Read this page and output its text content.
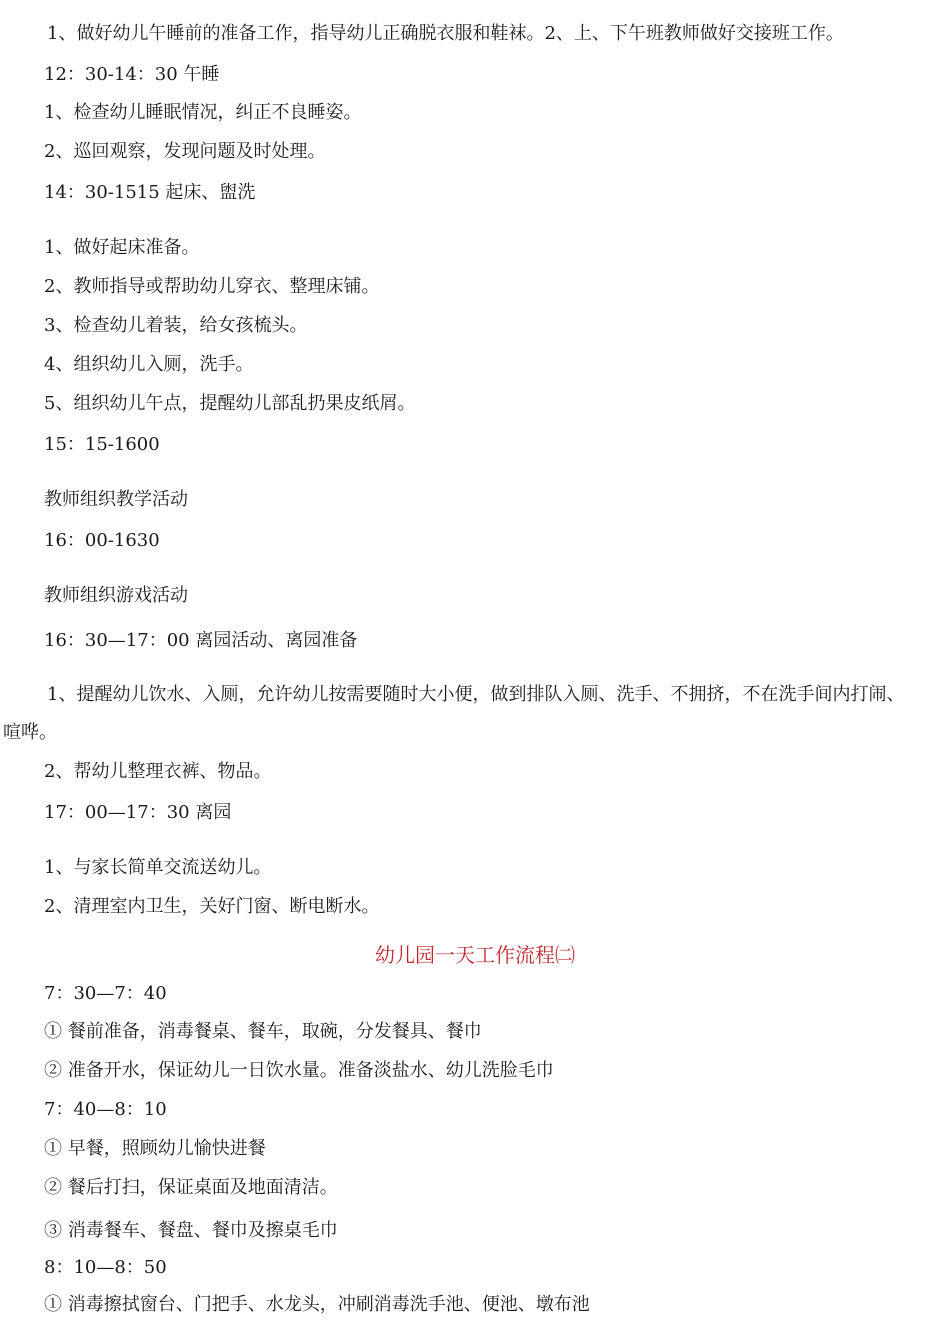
1、做好幼儿午睡前的准备工作，指导幼儿正确脱衣服和鞋袜。2、上、下午班教师做好交接班工作。
12：30-14：30 午睡
1、检查幼儿睡眠情况，纠正不良睡姿。
2、巡回观察，发现问题及时处理。
14：30-1515 起床、盥洗
1、做好起床准备。
2、教师指导或帮助幼儿穿衣、整理床铺。
3、检查幼儿着装，给女孩梳头。
4、组织幼儿入厕，洗手。
5、组织幼儿午点，提醒幼儿部乱扔果皮纸屑。
15：15-1600
教师组织教学活动
16：00-1630
教师组织游戏活动
16：30—17：00 离园活动、离园准备
1、提醒幼儿饮水、入厕，允许幼儿按需要随时大小便，做到排队入厕、洗手、不拥挤，不在洗手间内打闹、
喧哗。
2、帮幼儿整理衣裤、物品。
17：00—17：30 离园
1、与家长简单交流送幼儿。
2、清理室内卫生，关好门窗、断电断水。
幼儿园一天工作流程㈡
7：30—7：40
① 餐前准备，消毒餐桌、餐车，取碗，分发餐具、餐巾
② 准备开水，保证幼儿一日饮水量。准备淡盐水、幼儿洗脸毛巾
7：40—8：10
① 早餐，照顾幼儿愉快进餐
② 餐后打扫，保证桌面及地面清洁。
③ 消毒餐车、餐盘、餐巾及擦桌毛巾
8：10—8：50
① 消毒擦拭窗台、门把手、水龙头，冲刷消毒洗手池、便池、墩布池
